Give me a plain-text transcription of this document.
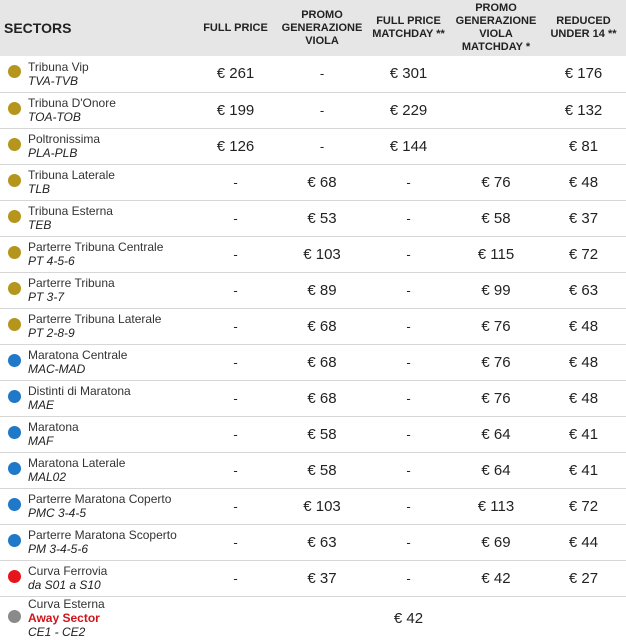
SECTORS		FULL PRICE	PROMO GENERAZIONE VIOLA	FULL PRICE MATCHDAY **	PROMO GENERAZIONE VIOLA MATCHDAY *	REDUCED UNDER 14 **

	Tribuna Vip
TVA-TVB	€ 261	-	€ 301		€ 176

	Tribuna D'Onore
TOA-TOB	€ 199	-	€ 229		€ 132

	Poltronissima
PLA-PLB	€ 126	-	€ 144		€ 81

	Tribuna Laterale
TLB	-	€ 68	-	€ 76	€ 48

	Tribuna Esterna
TEB	-	€ 53	-	€ 58	€ 37

	Parterre Tribuna Centrale
PT 4-5-6	-	€ 103	-	€ 115	€ 72

	Parterre Tribuna
PT 3-7	-	€ 89	-	€ 99	€ 63

	Parterre Tribuna Laterale
PT 2-8-9	-	€ 68	-	€ 76	€ 48

	Maratona Centrale
MAC-MAD	-	€ 68	-	€ 76	€ 48

	Distinti di Maratona
MAE	-	€ 68	-	€ 76	€ 48

	Maratona
MAF	-	€ 58	-	€ 64	€ 41

	Maratona Laterale
MAL02	-	€ 58	-	€ 64	€ 41

	Parterre Maratona Coperto
PMC 3-4-5	-	€ 103	-	€ 113	€ 72

	Parterre Maratona Scoperto
PM 3-4-5-6	-	€ 63	-	€ 69	€ 44

	Curva Ferrovia
da S01 a S10	-	€ 37	-	€ 42	€ 27

	Curva Esterna
Away Sector
CE1 - CE2			€ 42		
